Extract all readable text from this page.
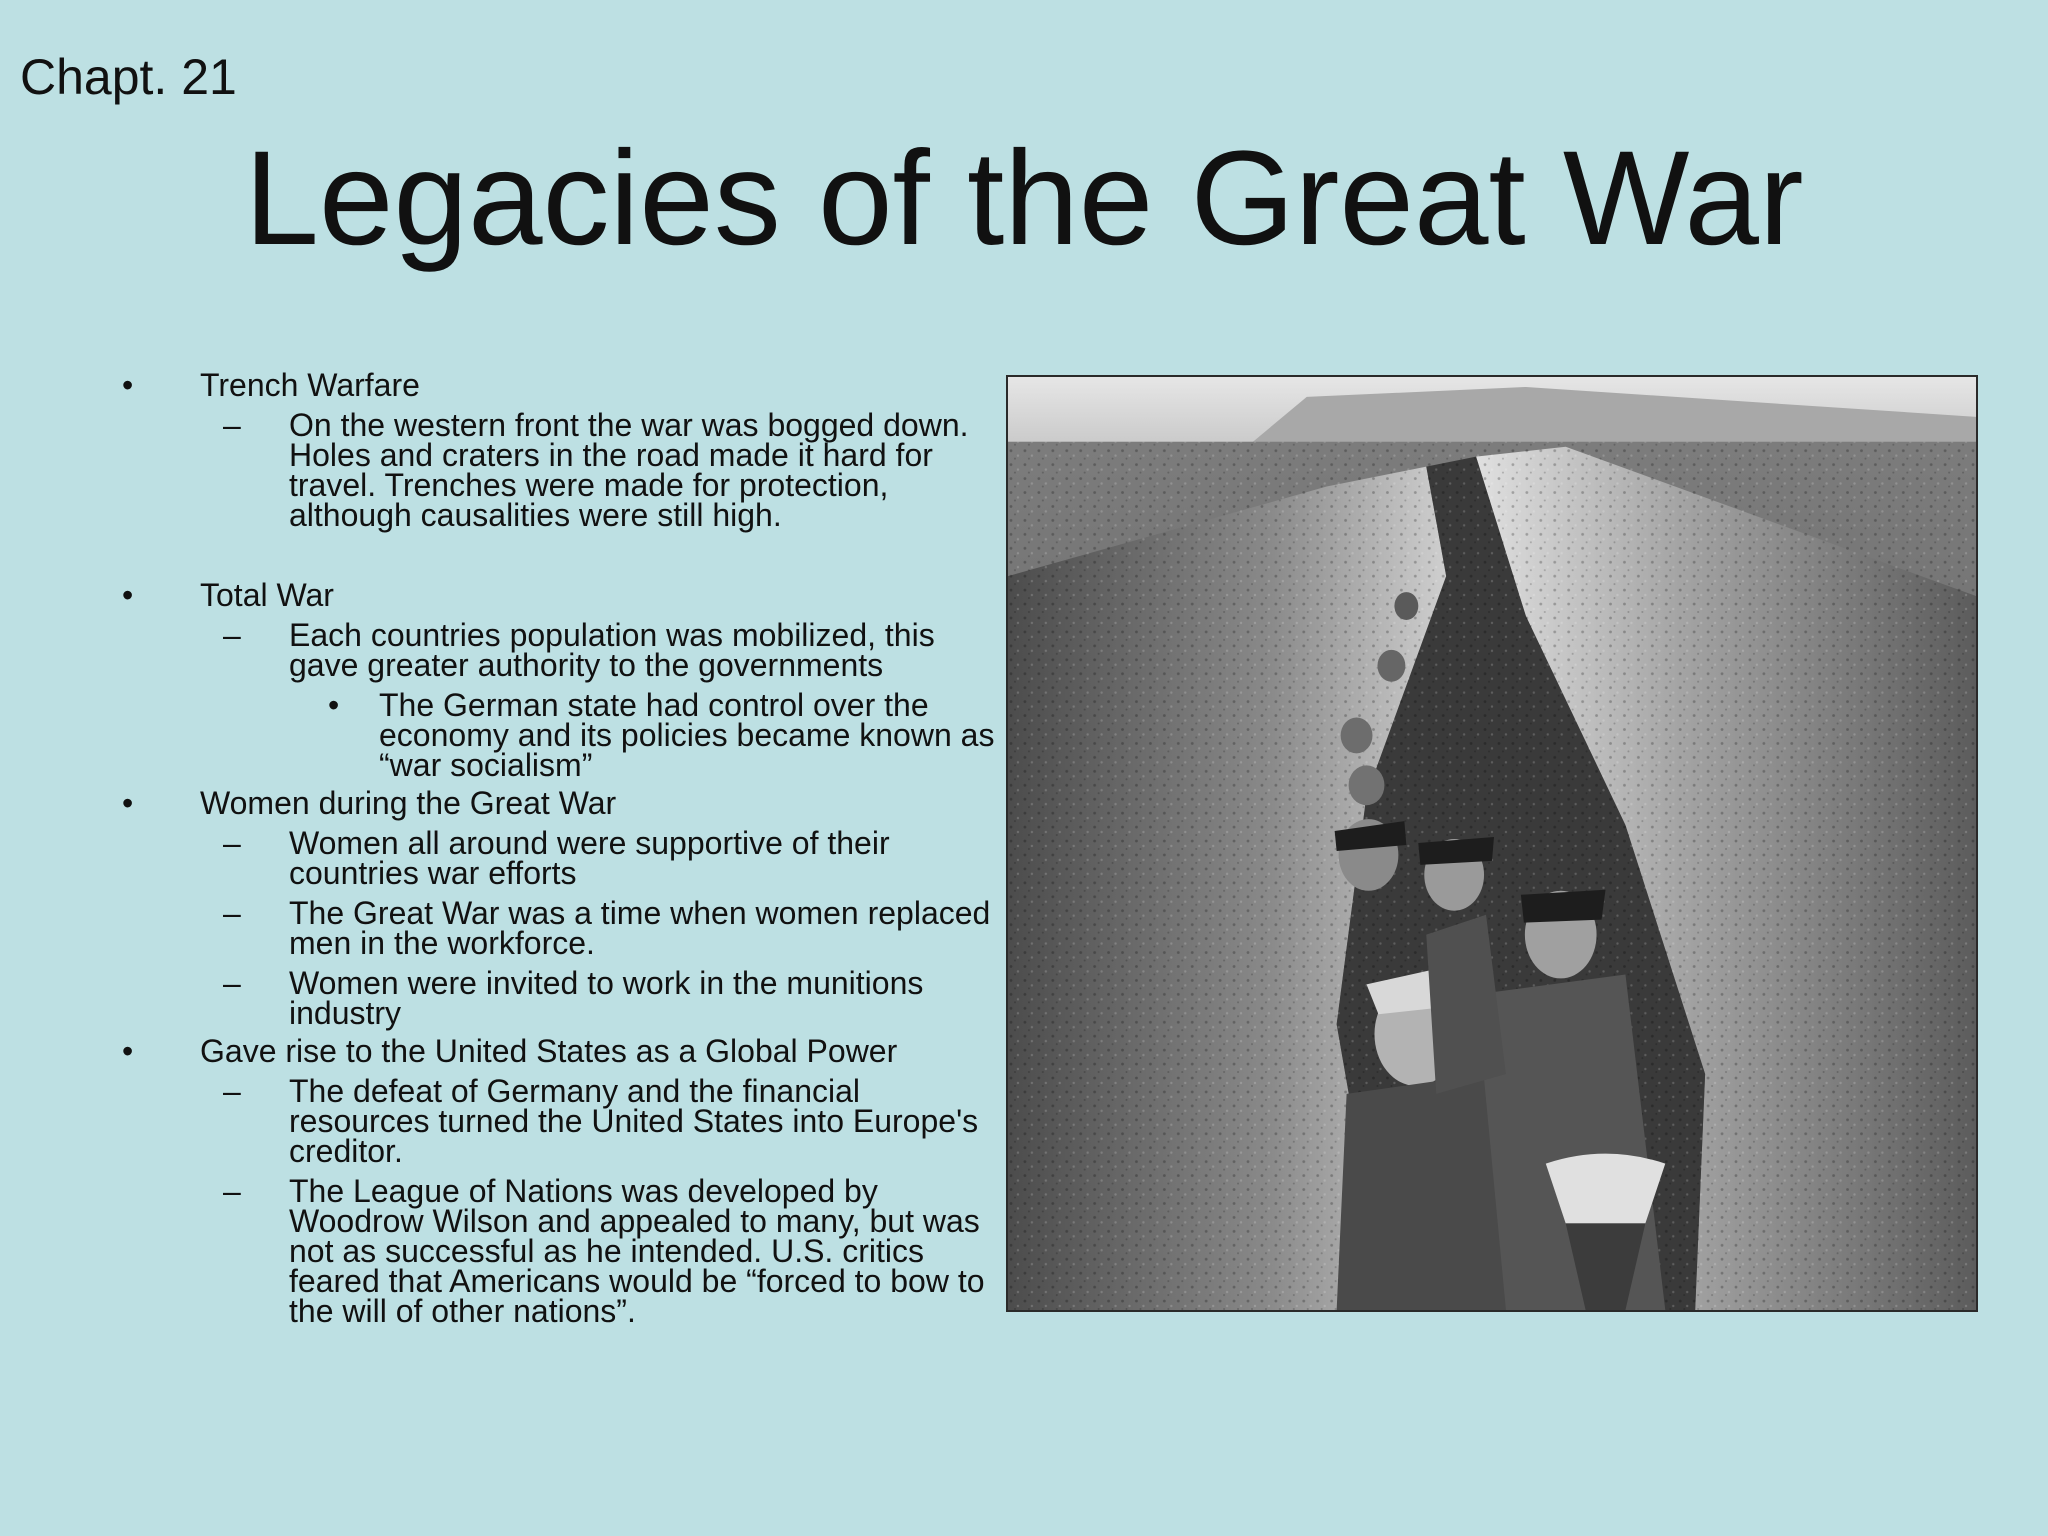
Chapt. 21
Legacies of the Great War
• Trench Warfare
– On the western front the war was bogged down. Holes and craters in the road made it hard for travel. Trenches were made for protection, although causalities were still high.
• Total War
– Each countries population was mobilized, this gave greater authority to the governments
• The German state had control over the economy and its policies became known as “war socialism”
• Women during the Great War
– Women all around were supportive of their countries war efforts
– The Great War was a time when women replaced men in the workforce.
– Women were invited to work in the munitions industry
• Gave rise to the United States as a Global Power
– The defeat of Germany and the financial resources turned the United States into Europe's creditor.
– The League of Nations was developed by Woodrow Wilson and appealed to many, but was not as successful as he intended. U.S. critics feared that Americans would be “forced to bow to the will of other nations”.
